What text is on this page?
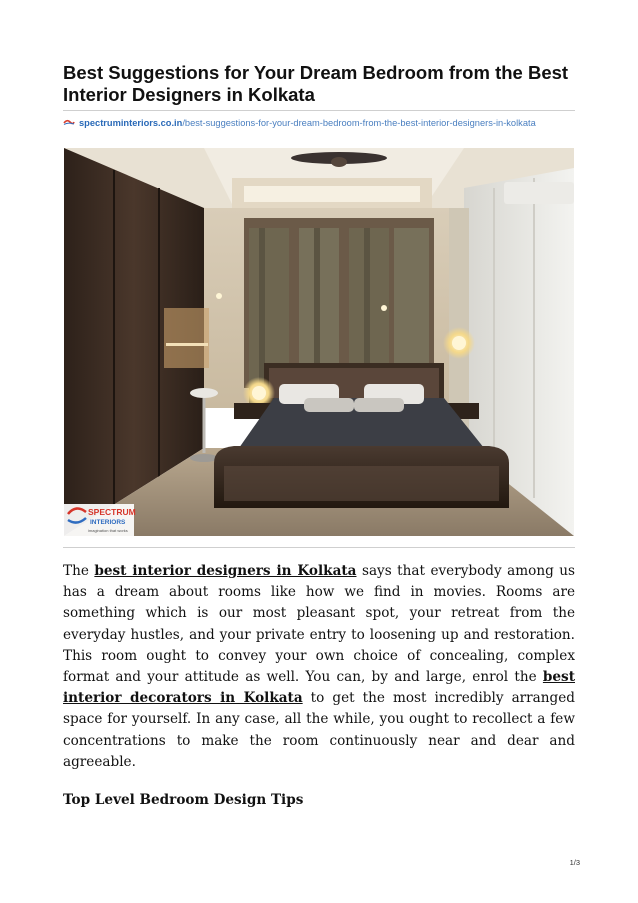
Best Suggestions for Your Dream Bedroom from the Best Interior Designers in Kolkata
spectruminteriors.co.in/best-suggestions-for-your-dream-bedroom-from-the-best-interior-designers-in-kolkata
SPECTRUM
INTERIORS
imagination that works
The best interior designers in Kolkata says that everybody among us has a dream about rooms like how we find in movies. Rooms are something which is our most pleasant spot, your retreat from the everyday hustles, and your private entry to loosening up and restoration. This room ought to convey your own choice of concealing, complex format and your attitude as well. You can, by and large, enrol the best interior decorators in Kolkata to get the most incredibly arranged space for yourself. In any case, all the while, you ought to recollect a few concentrations to make the room continuously near and dear and agreeable.
Top Level Bedroom Design Tips
1/3
